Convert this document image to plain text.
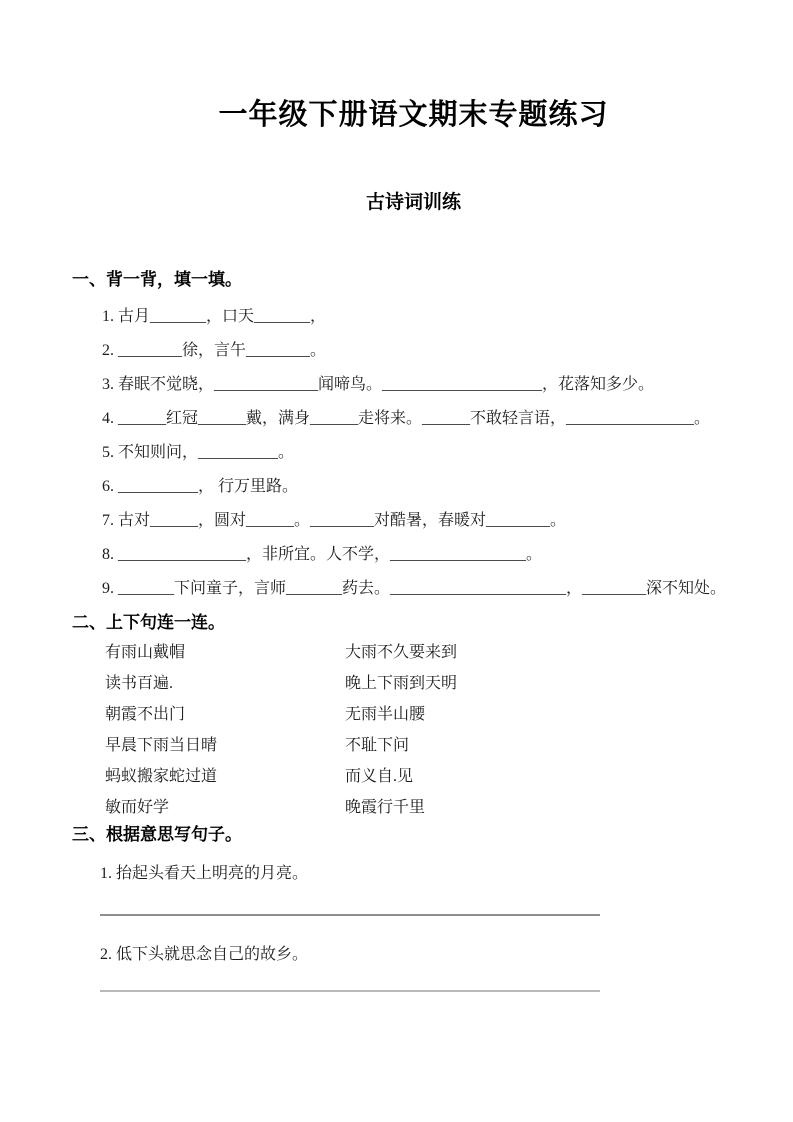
一年级下册语文期末专题练习
古诗词训练
一、背一背，填一填。
1. 古月_______，口天_______，
2. ________徐，言午________。
3. 春眠不觉晓，_____________闻啼鸟。____________________，花落知多少。
4. ______红冠______戴，满身______走将来。______不敢轻言语，________________。
5. 不知则问，__________。
6. __________， 行万里路。
7. 古对______，圆对______。________对酷暑，春暖对________。
8. ________________，非所宜。人不学，_________________。
9. _______下问童子，言师_______药去。______________________，________深不知处。
二、上下句连一连。
有雨山戴帽	大雨不久要来到
读书百遍.	晚上下雨到天明
朝霞不出门	无雨半山腰
早晨下雨当日晴	不耻下问
蚂蚁搬家蛇过道	而义自.见
敏而好学	晚霞行千里
三、根据意思写句子。
1. 抬起头看天上明亮的月亮。
2. 低下头就思念自己的故乡。
